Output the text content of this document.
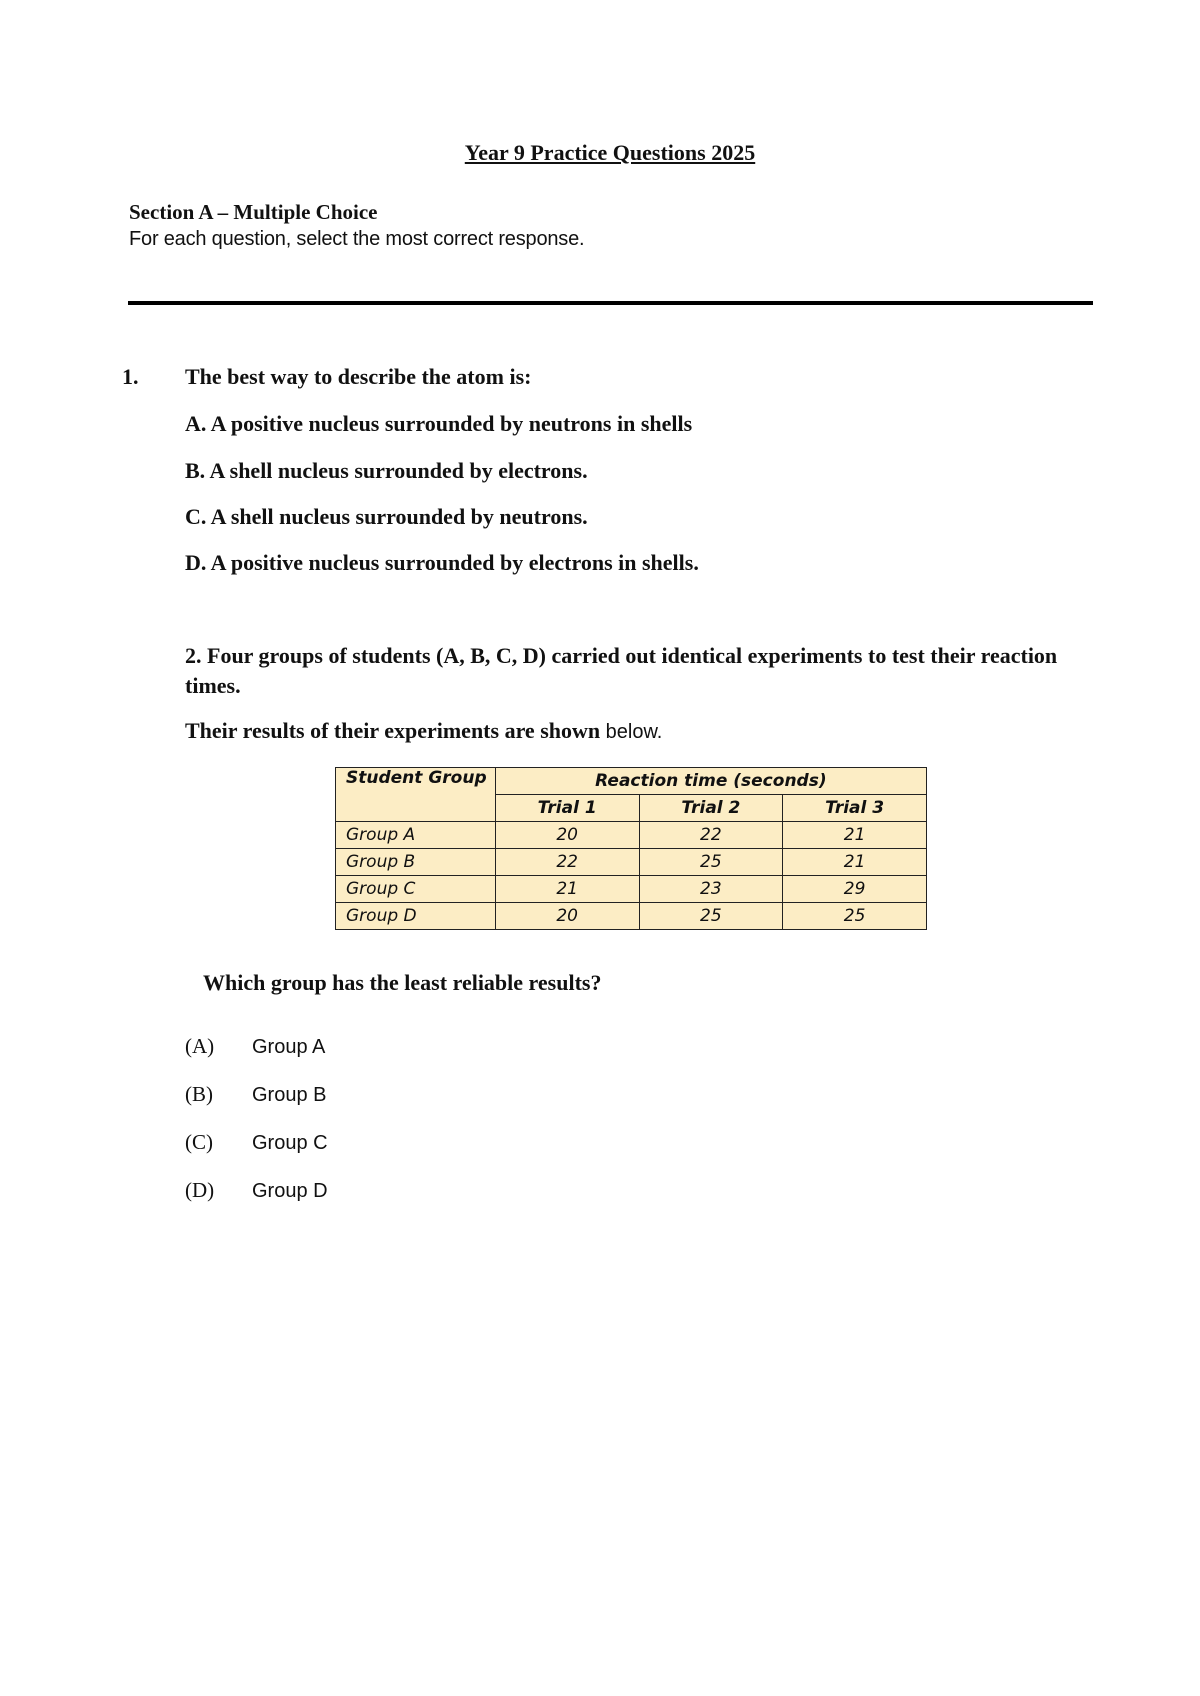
Year 9 Practice Questions 2025
Section A – Multiple Choice
For each question, select the most correct response.
1. The best way to describe the atom is:
A. A positive nucleus surrounded by neutrons in shells
B. A shell nucleus surrounded by electrons.
C. A shell nucleus surrounded by neutrons.
D. A positive nucleus surrounded by electrons in shells.
2. Four groups of students (A, B, C, D) carried out identical experiments to test their reaction times.
Their results of their experiments are shown below.
Student Group	Reaction time (seconds)		
	Trial 1	Trial 2	Trial 3
Group A	20	22	21
Group B	22	25	21
Group C	21	23	29
Group D	20	25	25
Which group has the least reliable results?
(A) Group A
(B) Group B
(C) Group C
(D) Group D
